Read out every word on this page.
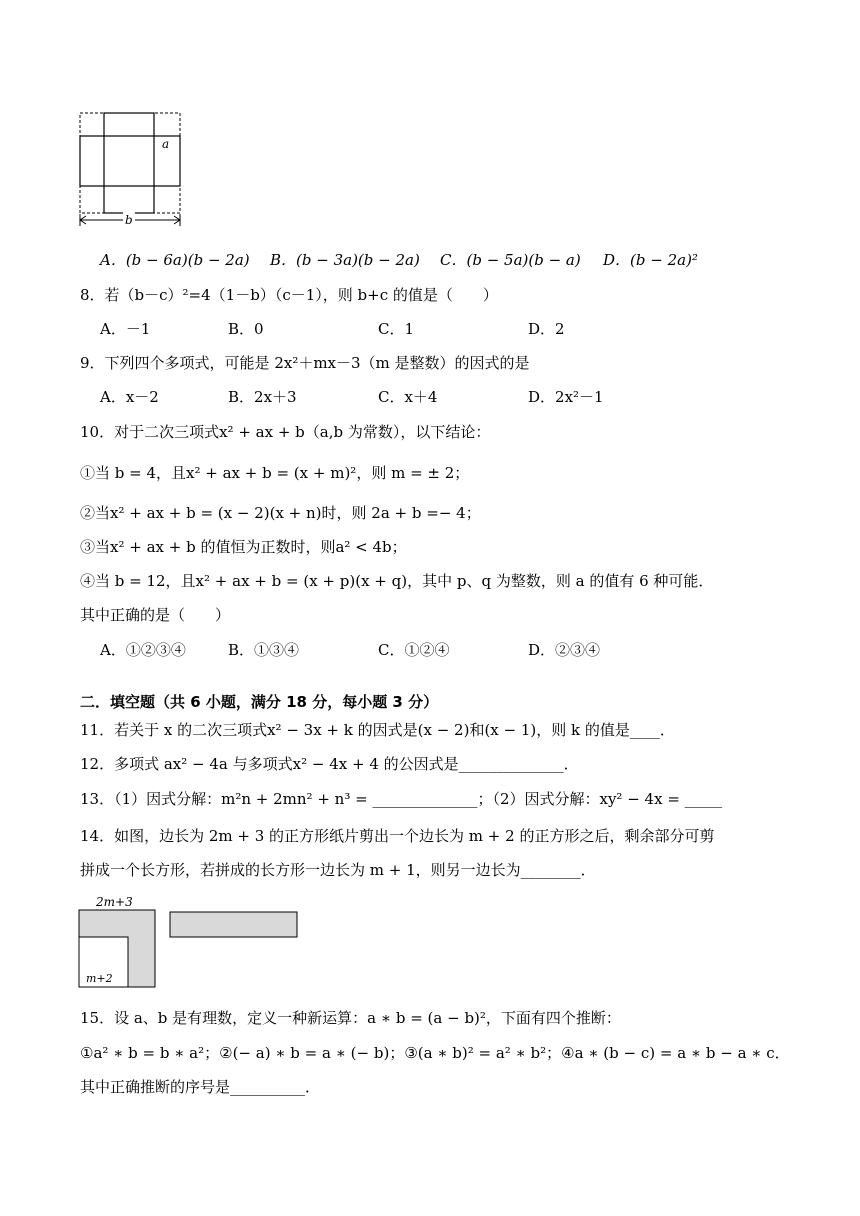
a
b
A．(b − 6a)(b − 2a) B．(b − 3a)(b − 2a) C．(b − 5a)(b − a) D．(b − 2a)²
8．若（b－c）²=4（1－b）（c－1），则 b+c 的值是（　　）
A．－1	B．0	C．1	D．2
9．下列四个多项式，可能是 2x²＋mx－3（m 是整数）的因式的是
A．x－2	B．2x＋3	C．x＋4	D．2x²－1
10．对于二次三项式x² + ax + b（a,b 为常数），以下结论：
①当 b = 4，且x² + ax + b = (x + m)²，则 m = ± 2；
②当x² + ax + b = (x − 2)(x + n)时，则 2a + b =− 4；
③当x² + ax + b 的值恒为正数时，则a² < 4b；
④当 b = 12，且x² + ax + b = (x + p)(x + q)，其中 p、q 为整数，则 a 的值有 6 种可能．
其中正确的是（　　）
A．①②③④	B．①③④	C．①②④	D．②③④
二．填空题（共 6 小题，满分 18 分，每小题 3 分）
11．若关于 x 的二次三项式x² − 3x + k 的因式是(x − 2)和(x − 1)，则 k 的值是____．
12．多项式 ax² − 4a 与多项式x² − 4x + 4 的公因式是______________．
13．（1）因式分解：m²n + 2mn² + n³ = ______________；（2）因式分解：xy² − 4x = _____
14．如图，边长为 2m + 3 的正方形纸片剪出一个边长为 m + 2 的正方形之后，剩余部分可剪
拼成一个长方形，若拼成的长方形一边长为 m + 1，则另一边长为________．
2m+3
m+2
15．设 a、b 是有理数，定义一种新运算：a ∗ b = (a − b)²，下面有四个推断：
①a² ∗ b = b ∗ a²；②(− a) ∗ b = a ∗ (− b)；③(a ∗ b)² = a² ∗ b²；④a ∗ (b − c) = a ∗ b − a ∗ c．
其中正确推断的序号是__________．
